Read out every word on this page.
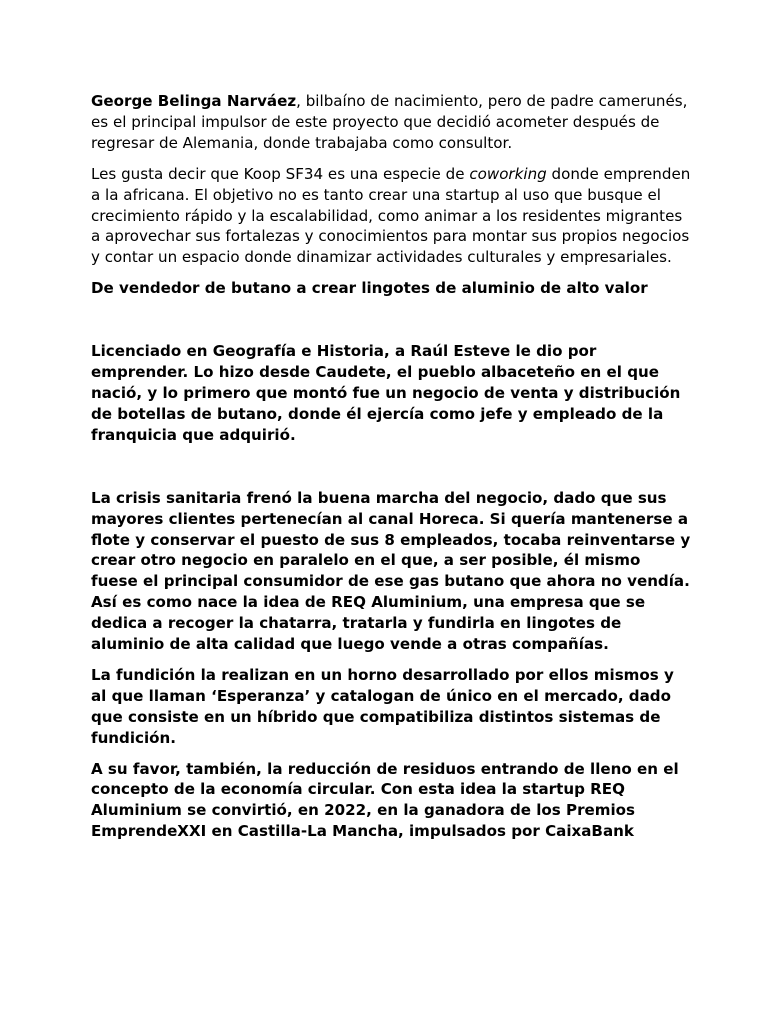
George Belinga Narváez, bilbaíno de nacimiento, pero de padre camerunés, es el principal impulsor de este proyecto que decidió acometer después de regresar de Alemania, donde trabajaba como consultor.

Les gusta decir que Koop SF34 es una especie de coworking donde emprenden a la africana. El objetivo no es tanto crear una startup al uso que busque el crecimiento rápido y la escalabilidad, como animar a los residentes migrantes a aprovechar sus fortalezas y conocimientos para montar sus propios negocios y contar un espacio donde dinamizar actividades culturales y empresariales.

De vendedor de butano a crear lingotes de aluminio de alto valor

Licenciado en Geografía e Historia, a Raúl Esteve le dio por emprender. Lo hizo desde Caudete, el pueblo albaceteño en el que nació, y lo primero que montó fue un negocio de venta y distribución de botellas de butano, donde él ejercía como jefe y empleado de la franquicia que adquirió.

La crisis sanitaria frenó la buena marcha del negocio, dado que sus mayores clientes pertenecían al canal Horeca. Si quería mantenerse a flote y conservar el puesto de sus 8 empleados, tocaba reinventarse y crear otro negocio en paralelo en el que, a ser posible, él mismo fuese el principal consumidor de ese gas butano que ahora no vendía. Así es como nace la idea de REQ Aluminium, una empresa que se dedica a recoger la chatarra, tratarla y fundirla en lingotes de aluminio de alta calidad que luego vende a otras compañías.

La fundición la realizan en un horno desarrollado por ellos mismos y al que llaman ‘Esperanza’ y catalogan de único en el mercado, dado que consiste en un híbrido que compatibiliza distintos sistemas de fundición.

A su favor, también, la reducción de residuos entrando de lleno en el concepto de la economía circular. Con esta idea la startup REQ Aluminium se convirtió, en 2022, en la ganadora de los Premios EmprendeXXI en Castilla-La Mancha, impulsados por CaixaBank
